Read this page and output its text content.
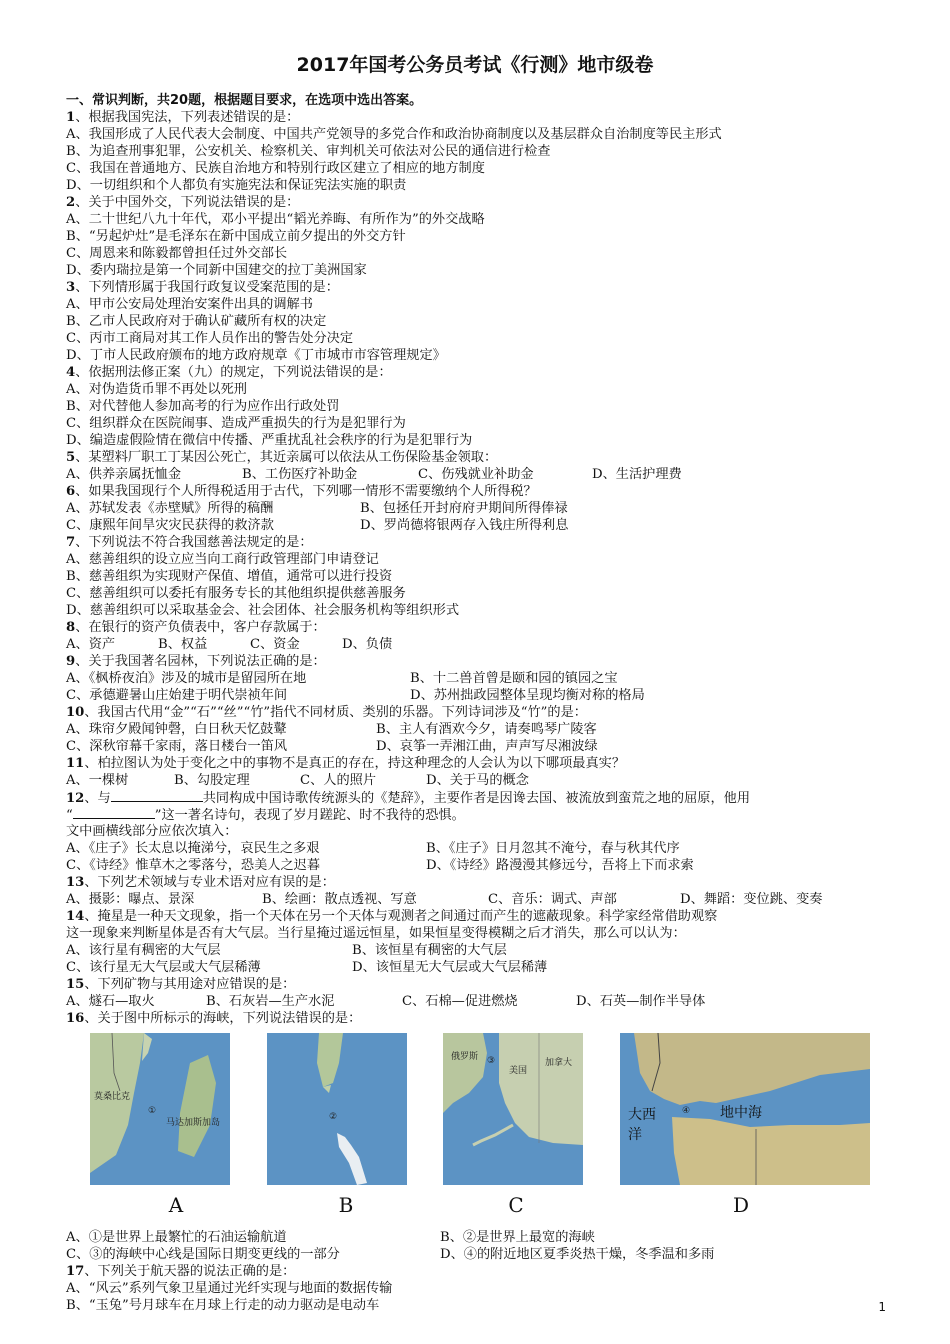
2017年国考公务员考试《行测》地市级卷
一、常识判断，共20题，根据题目要求，在选项中选出答案。
1、根据我国宪法，下列表述错误的是：
A、我国形成了人民代表大会制度、中国共产党领导的多党合作和政治协商制度以及基层群众自治制度等民主形式
B、为追查刑事犯罪，公安机关、检察机关、审判机关可依法对公民的通信进行检查
C、我国在普通地方、民族自治地方和特别行政区建立了相应的地方制度
D、一切组织和个人都负有实施宪法和保证宪法实施的职责
2、关于中国外交，下列说法错误的是：
A、二十世纪八九十年代，邓小平提出“韬光养晦、有所作为”的外交战略
B、“另起炉灶”是毛泽东在新中国成立前夕提出的外交方针
C、周恩来和陈毅都曾担任过外交部长
D、委内瑞拉是第一个同新中国建交的拉丁美洲国家
3、下列情形属于我国行政复议受案范围的是：
A、甲市公安局处理治安案件出具的调解书
B、乙市人民政府对于确认矿藏所有权的决定
C、丙市工商局对其工作人员作出的警告处分决定
D、丁市人民政府颁布的地方政府规章《丁市城市市容管理规定》
4、依据刑法修正案（九）的规定，下列说法错误的是：
A、对伪造货币罪不再处以死刑
B、对代替他人参加高考的行为应作出行政处罚
C、组织群众在医院闹事、造成严重损失的行为是犯罪行为
D、编造虚假险情在微信中传播、严重扰乱社会秩序的行为是犯罪行为
5、某塑料厂职工丁某因公死亡，其近亲属可以依法从工伤保险基金领取：
A、供养亲属抚恤金	B、工伤医疗补助金	C、伤残就业补助金	D、生活护理费
6、如果我国现行个人所得税适用于古代，下列哪一情形不需要缴纳个人所得税？
A、苏轼发表《赤壁赋》所得的稿酬	B、包拯任开封府府尹期间所得俸禄
C、康熙年间旱灾灾民获得的救济款	D、罗尚德将银两存入钱庄所得利息
7、下列说法不符合我国慈善法规定的是：
A、慈善组织的设立应当向工商行政管理部门申请登记
B、慈善组织为实现财产保值、增值，通常可以进行投资
C、慈善组织可以委托有服务专长的其他组织提供慈善服务
D、慈善组织可以采取基金会、社会团体、社会服务机构等组织形式
8、在银行的资产负债表中，客户存款属于：
A、资产	B、权益	C、资金	D、负债
9、关于我国著名园林，下列说法正确的是：
A、《枫桥夜泊》涉及的城市是留园所在地	B、十二兽首曾是颐和园的镇园之宝
C、承德避暑山庄始建于明代崇祯年间	D、苏州拙政园整体呈现均衡对称的格局
10、我国古代用“金”“石”“丝”“竹”指代不同材质、类别的乐器。下列诗词涉及“竹”的是：
A、珠帘夕殿闻钟磬，白日秋天忆鼓鼙	B、主人有酒欢今夕，请奏鸣琴广陵客
C、深秋帘幕千家雨，落日楼台一笛风	D、哀筝一弄湘江曲，声声写尽湘波绿
11、柏拉图认为处于变化之中的事物不是真正的存在，持这种理念的人会认为以下哪项最真实？
A、一棵树	B、勾股定理	C、人的照片	D、关于马的概念
12、与	共同构成中国诗歌传统源头的《楚辞》，主要作者是因谗去国、被流放到蛮荒之地的屈原，他用
“	”这一著名诗句，表现了岁月蹉跎、时不我待的恐惧。
文中画横线部分应依次填入：
A、《庄子》长太息以掩涕兮，哀民生之多艰	B、《庄子》日月忽其不淹兮，春与秋其代序
C、《诗经》惟草木之零落兮，恐美人之迟暮	D、《诗经》路漫漫其修远兮，吾将上下而求索
13、下列艺术领域与专业术语对应有误的是：
A、摄影：曝点、景深	B、绘画：散点透视、写意	C、音乐：调式、声部	D、舞蹈：变位跳、变奏
14、掩星是一种天文现象，指一个天体在另一个天体与观测者之间通过而产生的遮蔽现象。科学家经常借助观察
这一现象来判断星体是否有大气层。当行星掩过遥远恒星，如果恒星变得模糊之后才消失，那么可以认为：
A、该行星有稠密的大气层	B、该恒星有稠密的大气层
C、该行星无大气层或大气层稀薄	D、该恒星无大气层或大气层稀薄
15、下列矿物与其用途对应错误的是：
A、燧石—取火	B、石灰岩—生产水泥	C、石棉—促进燃烧	D、石英—制作半导体
16、关于图中所标示的海峡，下列说法错误的是：
莫桑比克
①
马达加斯加岛
②
俄罗斯 ③
美国
加拿大
大西
洋
④ 地中海
A	B	C	D
A、①是世界上最繁忙的石油运输航道	B、②是世界上最宽的海峡
C、③的海峡中心线是国际日期变更线的一部分	D、④的附近地区夏季炎热干燥，冬季温和多雨
17、下列关于航天器的说法正确的是：
A、“风云”系列气象卫星通过光纤实现与地面的数据传输
B、“玉兔”号月球车在月球上行走的动力驱动是电动车	1
